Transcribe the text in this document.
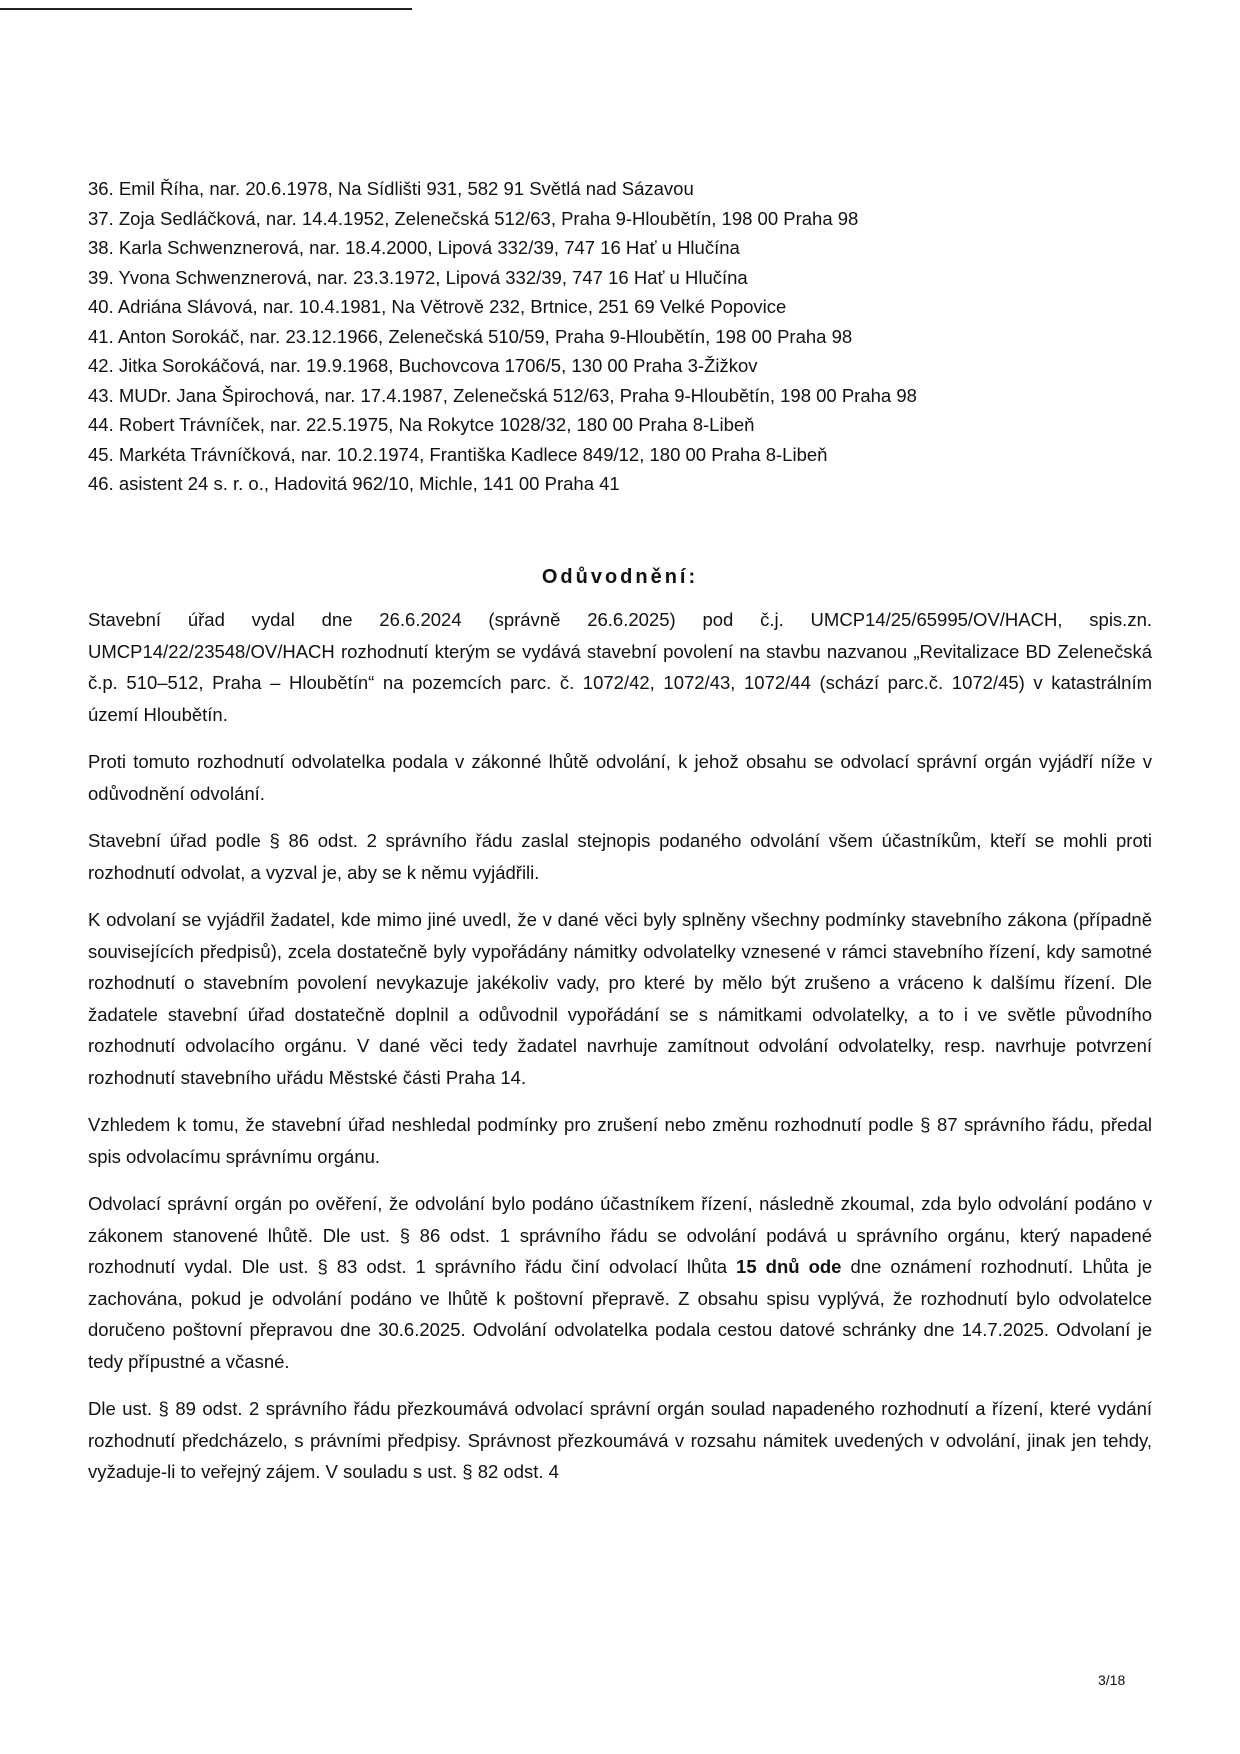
36. Emil Říha, nar. 20.6.1978, Na Sídlišti 931, 582 91 Světlá nad Sázavou
37. Zoja Sedláčková, nar. 14.4.1952, Zelenečská 512/63, Praha 9-Hloubětín, 198 00 Praha 98
38. Karla Schwenznerová, nar. 18.4.2000, Lipová 332/39, 747 16 Hať u Hlučína
39. Yvona Schwenznerová, nar. 23.3.1972, Lipová 332/39, 747 16 Hať u Hlučína
40. Adriána Slávová, nar. 10.4.1981, Na Větrově 232, Brtnice, 251 69 Velké Popovice
41. Anton Sorokáč, nar. 23.12.1966, Zelenečská 510/59, Praha 9-Hloubětín, 198 00 Praha 98
42. Jitka Sorokáčová, nar. 19.9.1968, Buchovcova 1706/5, 130 00 Praha 3-Žižkov
43. MUDr. Jana Špirochová, nar. 17.4.1987, Zelenečská 512/63, Praha 9-Hloubětín, 198 00 Praha 98
44. Robert Trávníček, nar. 22.5.1975, Na Rokytce 1028/32, 180 00 Praha 8-Libeň
45. Markéta Trávníčková, nar. 10.2.1974, Františka Kadlece 849/12, 180 00 Praha 8-Libeň
46. asistent 24 s. r. o., Hadovitá 962/10, Michle, 141 00 Praha 41
Odůvodnění:

Stavební úřad vydal dne 26.6.2024 (správně 26.6.2025) pod č.j. UMCP14/25/65995/OV/HACH, spis.zn. UMCP14/22/23548/OV/HACH rozhodnutí kterým se vydává stavební povolení na stavbu nazvanou „Revitalizace BD Zelenečská č.p. 510–512, Praha – Hloubětín“ na pozemcích parc. č. 1072/42, 1072/43, 1072/44 (schází parc.č. 1072/45) v katastrálním území Hloubětín.

Proti tomuto rozhodnutí odvolatelka podala v zákonné lhůtě odvolání, k jehož obsahu se odvolací správní orgán vyjádří níže v odůvodnění odvolání.

Stavební úřad podle § 86 odst. 2 správního řádu zaslal stejnopis podaného odvolání všem účastníkům, kteří se mohli proti rozhodnutí odvolat, a vyzval je, aby se k němu vyjádřili.

K odvolaní se vyjádřil žadatel, kde mimo jiné uvedl, že v dané věci byly splněny všechny podmínky stavebního zákona (případně souvisejících předpisů), zcela dostatečně byly vypořádány námitky odvolatelky vznesené v rámci stavebního řízení, kdy samotné rozhodnutí o stavebním povolení nevykazuje jakékoliv vady, pro které by mělo být zrušeno a vráceno k dalšímu řízení. Dle žadatele stavební úřad dostatečně doplnil a odůvodnil vypořádání se s námitkami odvolatelky, a to i ve světle původního rozhodnutí odvolacího orgánu. V dané věci tedy žadatel navrhuje zamítnout odvolání odvolatelky, resp. navrhuje potvrzení rozhodnutí stavebního uřádu Městské části Praha 14.

Vzhledem k tomu, že stavební úřad neshledal podmínky pro zrušení nebo změnu rozhodnutí podle § 87 správního řádu, předal spis odvolacímu správnímu orgánu.

Odvolací správní orgán po ověření, že odvolání bylo podáno účastníkem řízení, následně zkoumal, zda bylo odvolání podáno v zákonem stanovené lhůtě. Dle ust. § 86 odst. 1 správního řádu se odvolání podává u správního orgánu, který napadené rozhodnutí vydal. Dle ust. § 83 odst. 1 správního řádu činí odvolací lhůta 15 dnů ode dne oznámení rozhodnutí. Lhůta je zachována, pokud je odvolání podáno ve lhůtě k poštovní přepravě. Z obsahu spisu vyplývá, že rozhodnutí bylo odvolatelce doručeno poštovní přepravou dne 30.6.2025. Odvolání odvolatelka podala cestou datové schránky dne 14.7.2025. Odvolaní je tedy přípustné a včasné.

Dle ust. § 89 odst. 2 správního řádu přezkoumává odvolací správní orgán soulad napadeného rozhodnutí a řízení, které vydání rozhodnutí předcházelo, s právními předpisy. Správnost přezkoumává v rozsahu námitek uvedených v odvolání, jinak jen tehdy, vyžaduje-li to veřejný zájem. V souladu s ust. § 82 odst. 4

3/18
